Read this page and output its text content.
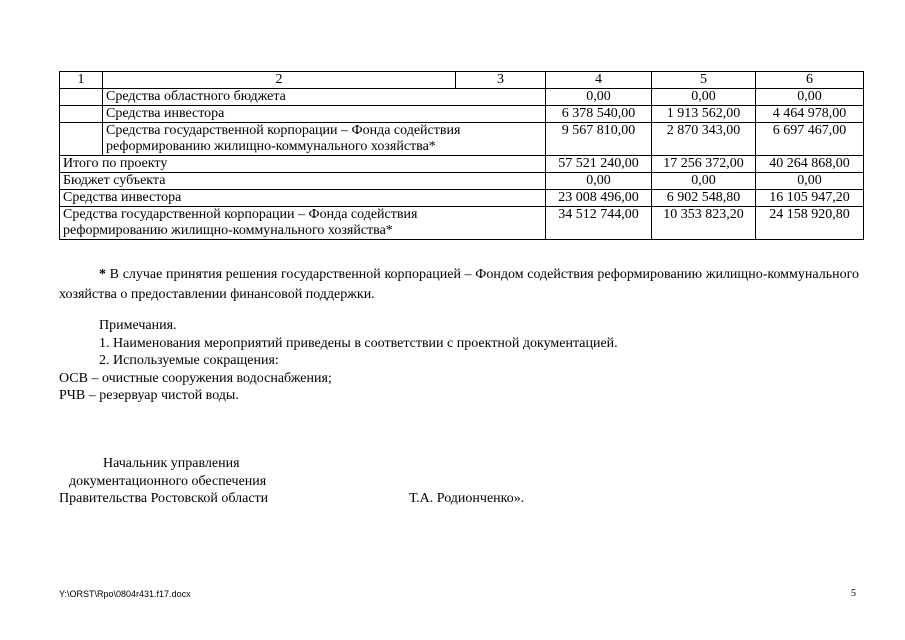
1	2	3	4	5	6
	Средства областного бюджета		0,00	0,00	0,00
	Средства инвестора		6 378 540,00	1 913 562,00	4 464 978,00

	Средства государственной корпорации – Фонда содействия
реформированию жилищно-коммунального хозяйства*		9 567 810,00	2 870 343,00	6 697 467,00
Итого по проекту			57 521 240,00	17 256 372,00	40 264 868,00
Бюджет субъекта			0,00	0,00	0,00
Средства инвестора			23 008 496,00	6 902 548,80	16 105 947,20

Средства государственной корпорации – Фонда содействия
реформированию жилищно-коммунального хозяйства*			34 512 744,00	10 353 823,20	24 158 920,80
* В случае принятия решения государственной корпорацией – Фондом содействия реформированию жилищно-коммунального хозяйства о предоставлении финансовой поддержки.
Примечания.
1. Наименования мероприятий приведены в соответствии с проектной документацией.
2. Используемые сокращения:
ОСВ – очистные сооружения водоснабжения;
РЧВ – резервуар чистой воды.
Начальник управления
документационного обеспечения
Правительства Ростовской области	Т.А. Родионченко».
Y:\ORST\Rpo\0804r431.f17.docx	5
